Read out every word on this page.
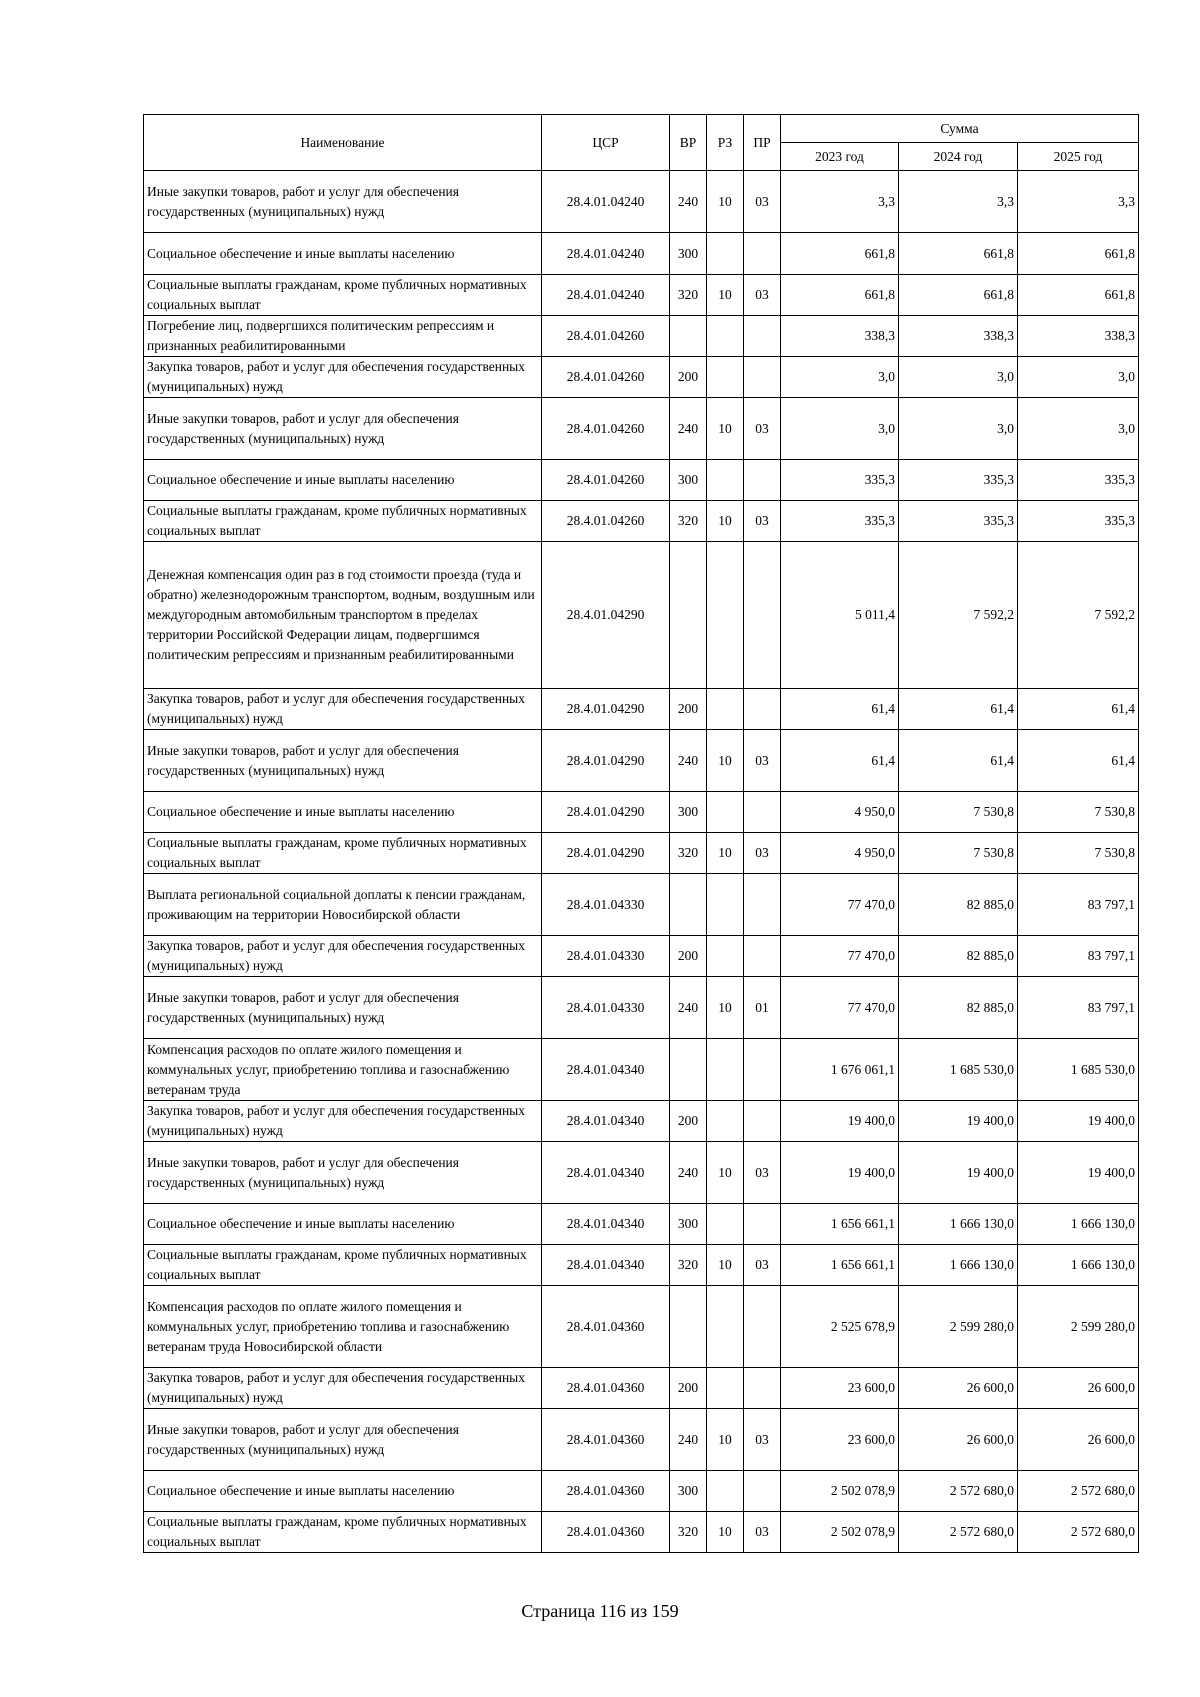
Наименование	ЦСР	ВР	РЗ	ПР	Сумма		
					2023 год	2024 год	2025 год
Иные закупки товаров, работ и услуг для обеспечения государственных (муниципальных) нужд	28.4.01.04240	240	10	03	3,3	3,3	3,3
Социальное обеспечение и иные выплаты населению	28.4.01.04240	300			661,8	661,8	661,8
Социальные выплаты гражданам, кроме публичных нормативных социальных выплат	28.4.01.04240	320	10	03	661,8	661,8	661,8
Погребение лиц, подвергшихся политическим репрессиям и признанных реабилитированными	28.4.01.04260				338,3	338,3	338,3
Закупка товаров, работ и услуг для обеспечения государственных (муниципальных) нужд	28.4.01.04260	200			3,0	3,0	3,0
Иные закупки товаров, работ и услуг для обеспечения государственных (муниципальных) нужд	28.4.01.04260	240	10	03	3,0	3,0	3,0
Социальное обеспечение и иные выплаты населению	28.4.01.04260	300			335,3	335,3	335,3
Социальные выплаты гражданам, кроме публичных нормативных социальных выплат	28.4.01.04260	320	10	03	335,3	335,3	335,3
Денежная компенсация один раз в год стоимости проезда (туда и обратно) железнодорожным транспортом, водным, воздушным или междугородным автомобильным транспортом в пределах территории Российской Федерации лицам, подвергшимся политическим репрессиям и признанным реабилитированными	28.4.01.04290				5 011,4	7 592,2	7 592,2
Закупка товаров, работ и услуг для обеспечения государственных (муниципальных) нужд	28.4.01.04290	200			61,4	61,4	61,4
Иные закупки товаров, работ и услуг для обеспечения государственных (муниципальных) нужд	28.4.01.04290	240	10	03	61,4	61,4	61,4
Социальное обеспечение и иные выплаты населению	28.4.01.04290	300			4 950,0	7 530,8	7 530,8
Социальные выплаты гражданам, кроме публичных нормативных социальных выплат	28.4.01.04290	320	10	03	4 950,0	7 530,8	7 530,8
Выплата региональной социальной доплаты к пенсии гражданам, проживающим на территории Новосибирской области	28.4.01.04330				77 470,0	82 885,0	83 797,1
Закупка товаров, работ и услуг для обеспечения государственных (муниципальных) нужд	28.4.01.04330	200			77 470,0	82 885,0	83 797,1
Иные закупки товаров, работ и услуг для обеспечения государственных (муниципальных) нужд	28.4.01.04330	240	10	01	77 470,0	82 885,0	83 797,1
Компенсация расходов по оплате жилого помещения и коммунальных услуг, приобретению топлива и газоснабжению ветеранам труда	28.4.01.04340				1 676 061,1	1 685 530,0	1 685 530,0
Закупка товаров, работ и услуг для обеспечения государственных (муниципальных) нужд	28.4.01.04340	200			19 400,0	19 400,0	19 400,0
Иные закупки товаров, работ и услуг для обеспечения государственных (муниципальных) нужд	28.4.01.04340	240	10	03	19 400,0	19 400,0	19 400,0
Социальное обеспечение и иные выплаты населению	28.4.01.04340	300			1 656 661,1	1 666 130,0	1 666 130,0
Социальные выплаты гражданам, кроме публичных нормативных социальных выплат	28.4.01.04340	320	10	03	1 656 661,1	1 666 130,0	1 666 130,0
Компенсация расходов по оплате жилого помещения и коммунальных услуг, приобретению топлива и газоснабжению ветеранам труда Новосибирской области	28.4.01.04360				2 525 678,9	2 599 280,0	2 599 280,0
Закупка товаров, работ и услуг для обеспечения государственных (муниципальных) нужд	28.4.01.04360	200			23 600,0	26 600,0	26 600,0
Иные закупки товаров, работ и услуг для обеспечения государственных (муниципальных) нужд	28.4.01.04360	240	10	03	23 600,0	26 600,0	26 600,0
Социальное обеспечение и иные выплаты населению	28.4.01.04360	300			2 502 078,9	2 572 680,0	2 572 680,0
Социальные выплаты гражданам, кроме публичных нормативных социальных выплат	28.4.01.04360	320	10	03	2 502 078,9	2 572 680,0	2 572 680,0
Страница 116 из 159
